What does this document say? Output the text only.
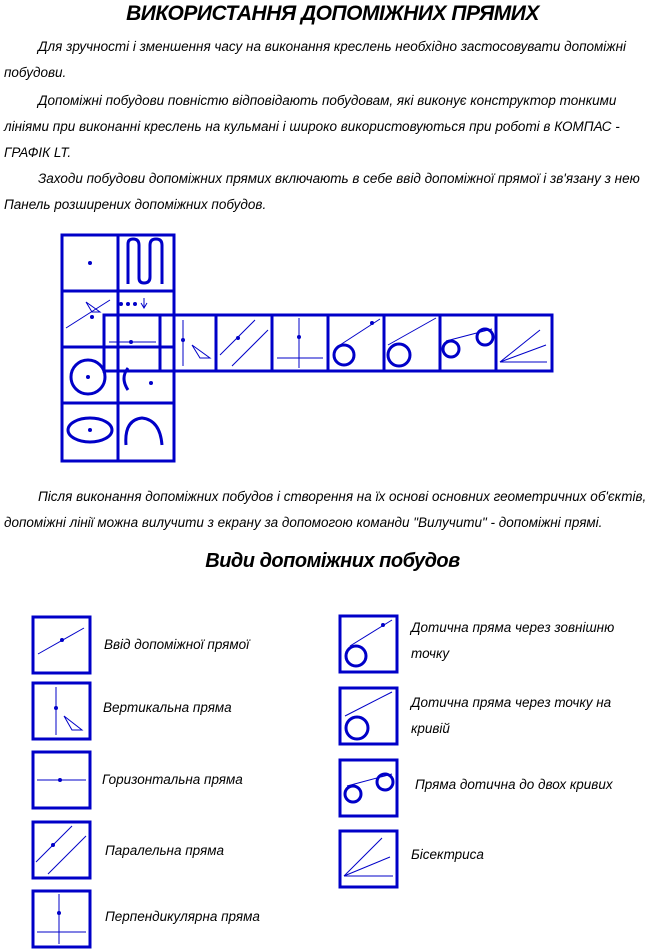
ВИКОРИСТАННЯ ДОПОМІЖНИХ ПРЯМИХ

Для зручності і зменшення часу на виконання креслень необхідно застосовувати допоміжні побудови.

Допоміжні побудови повністю відповідають побудовам, які виконує конструктор тонкими лініями при виконанні креслень на кульмані і широко використовуються при роботі в КОМПАС - ГРАФІК LT.

Заходи побудови допоміжних прямих включають в себе ввід допоміжної прямої і зв'язану з нею Панель розширених допоміжних побудов.

Після виконання допоміжних побудов і створення на їх основі основних геометричних об'єктів, допоміжні лінії можна вилучити з екрану за допомогою команди "Вилучити" - допоміжні прямі.

Види допоміжних побудов
Ввід допоміжної прямої
Вертикальна пряма
Горизонтальна пряма
Паралельна пряма
Перпендикулярна пряма
Дотична пряма через зовнішню точку
Дотична пряма через точку на кривій
Пряма дотична до двох кривих
Бісектриса
